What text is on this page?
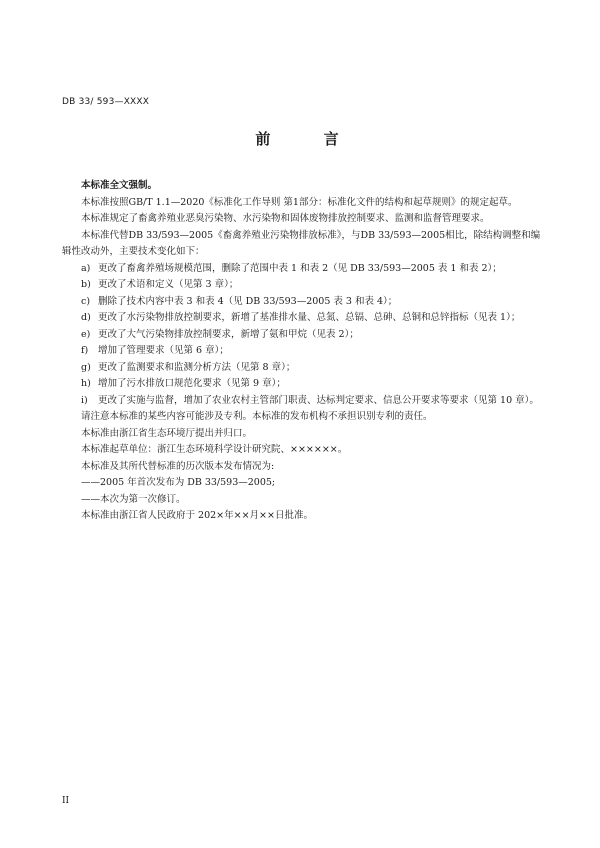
DB 33/ 593—XXXX
前 言

本标准全文强制。

本标准按照GB/T 1.1—2020《标准化工作导则 第1部分：标准化文件的结构和起草规则》的规定起草。

本标准规定了畜禽养殖业恶臭污染物、水污染物和固体废物排放控制要求、监测和监督管理要求。

本标准代替DB 33/593—2005《畜禽养殖业污染物排放标准》，与DB 33/593—2005相比，除结构调整和编辑性改动外，主要技术变化如下：

a) 更改了畜禽养殖场规模范围，删除了范围中表 1 和表 2（见 DB 33/593—2005 表 1 和表 2）；
b) 更改了术语和定义（见第 3 章）；
c) 删除了技术内容中表 3 和表 4（见 DB 33/593—2005 表 3 和表 4）；
d) 更改了水污染物排放控制要求，新增了基准排水量、总氮、总镉、总砷、总铜和总锌指标（见表 1）；
e) 更改了大气污染物排放控制要求，新增了氨和甲烷（见表 2）；
f) 增加了管理要求（见第 6 章）；
g) 更改了监测要求和监测分析方法（见第 8 章）；
h) 增加了污水排放口规范化要求（见第 9 章）；
i) 更改了实施与监督，增加了农业农村主管部门职责、达标判定要求、信息公开要求等要求（见第 10 章）。

请注意本标准的某些内容可能涉及专利。本标准的发布机构不承担识别专利的责任。

本标准由浙江省生态环境厅提出并归口。

本标准起草单位：浙江生态环境科学设计研究院、××××××。

本标准及其所代替标准的历次版本发布情况为:

——2005 年首次发布为 DB 33/593—2005;

——本次为第一次修订。

本标准由浙江省人民政府于 202×年××月××日批准。

II
